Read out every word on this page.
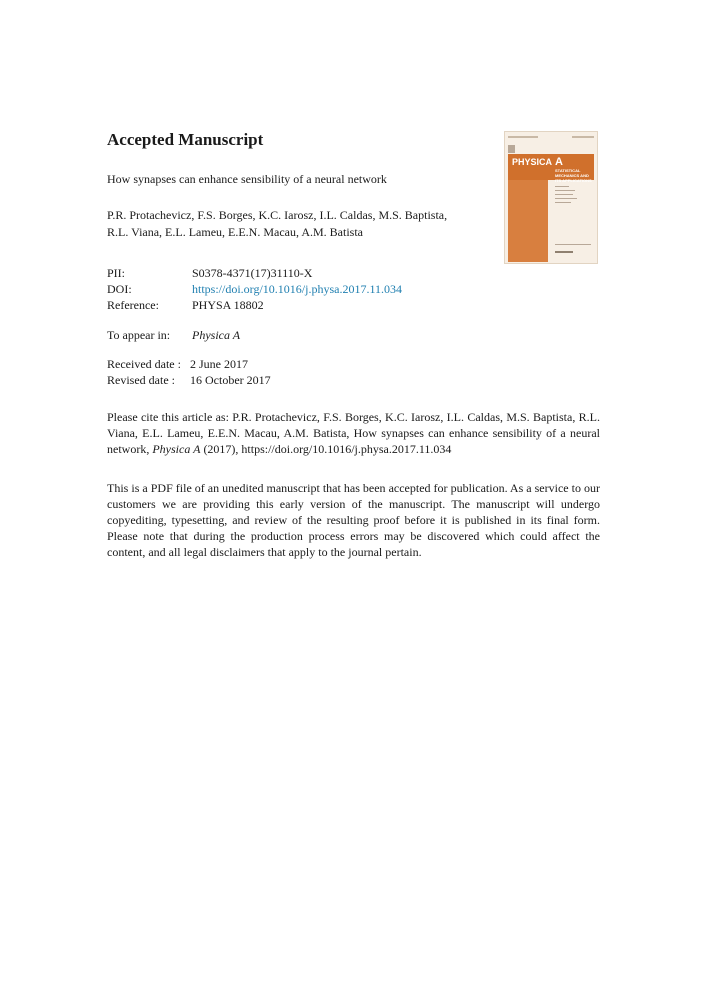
Accepted Manuscript
How synapses can enhance sensibility of a neural network
P.R. Protachevicz, F.S. Borges, K.C. Iarosz, I.L. Caldas, M.S. Baptista,
R.L. Viana, E.L. Lameu, E.E.N. Macau, A.M. Batista
PHYSICA A
STATISTICAL MECHANICS AND ITS APPLICATIONS
PII:	S0378-4371(17)31110-X
DOI:	https://doi.org/10.1016/j.physa.2017.11.034
Reference:	PHYSA 18802
To appear in: Physica A
Received date : 2 June 2017
Revised date : 16 October 2017
Please cite this article as: P.R. Protachevicz, F.S. Borges, K.C. Iarosz, I.L. Caldas, M.S. Baptista, R.L. Viana, E.L. Lameu, E.E.N. Macau, A.M. Batista, How synapses can enhance sensibility of a neural network, Physica A (2017), https://doi.org/10.1016/j.physa.2017.11.034
This is a PDF file of an unedited manuscript that has been accepted for publication. As a service to our customers we are providing this early version of the manuscript. The manuscript will undergo copyediting, typesetting, and review of the resulting proof before it is published in its final form. Please note that during the production process errors may be discovered which could affect the content, and all legal disclaimers that apply to the journal pertain.
